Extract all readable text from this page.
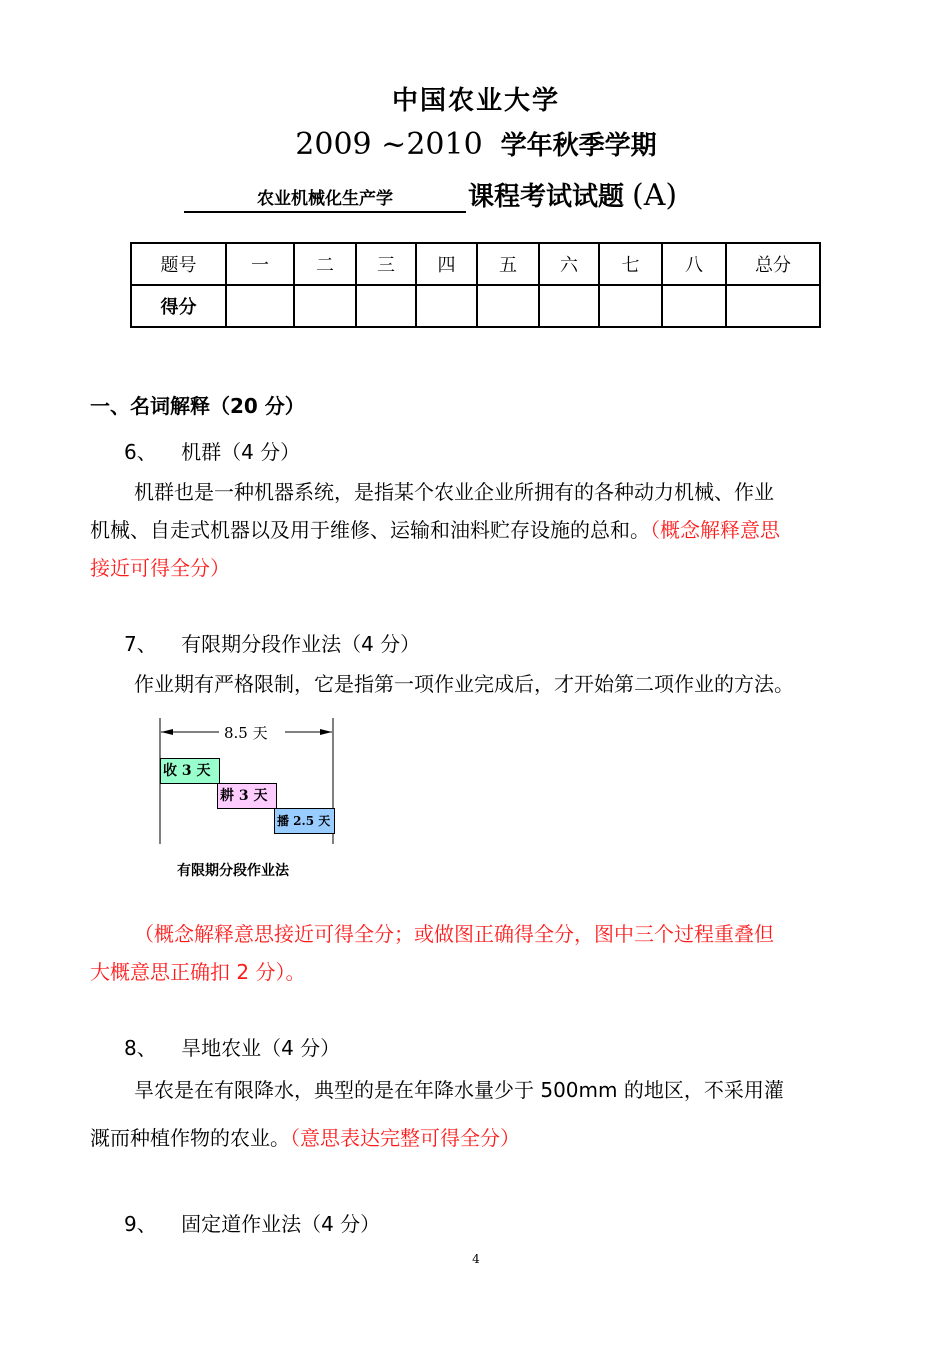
中国农业大学
2009 ~2010 学年秋季学期
农业机械化生产学	课程考试试题 (A)
题号	一	二	三	四	五	六	七	八	总分
得分									
一、名词解释（20 分）
6、 机群（4 分）
机群也是一种机器系统，是指某个农业企业所拥有的各种动力机械、作业
机械、自走式机器以及用于维修、运输和油料贮存设施的总和。（概念解释意思
接近可得全分）
7、 有限期分段作业法（4 分）
作业期有严格限制，它是指第一项作业完成后，才开始第二项作业的方法。
8.5 天
收 3 天
耕 3 天
播 2.5 天
有限期分段作业法
（概念解释意思接近可得全分；或做图正确得全分，图中三个过程重叠但
大概意思正确扣 2 分）。
8、 旱地农业（4 分）
旱农是在有限降水，典型的是在年降水量少于 500mm 的地区，不采用灌
溉而种植作物的农业。（意思表达完整可得全分）
9、 固定道作业法（4 分）
4
